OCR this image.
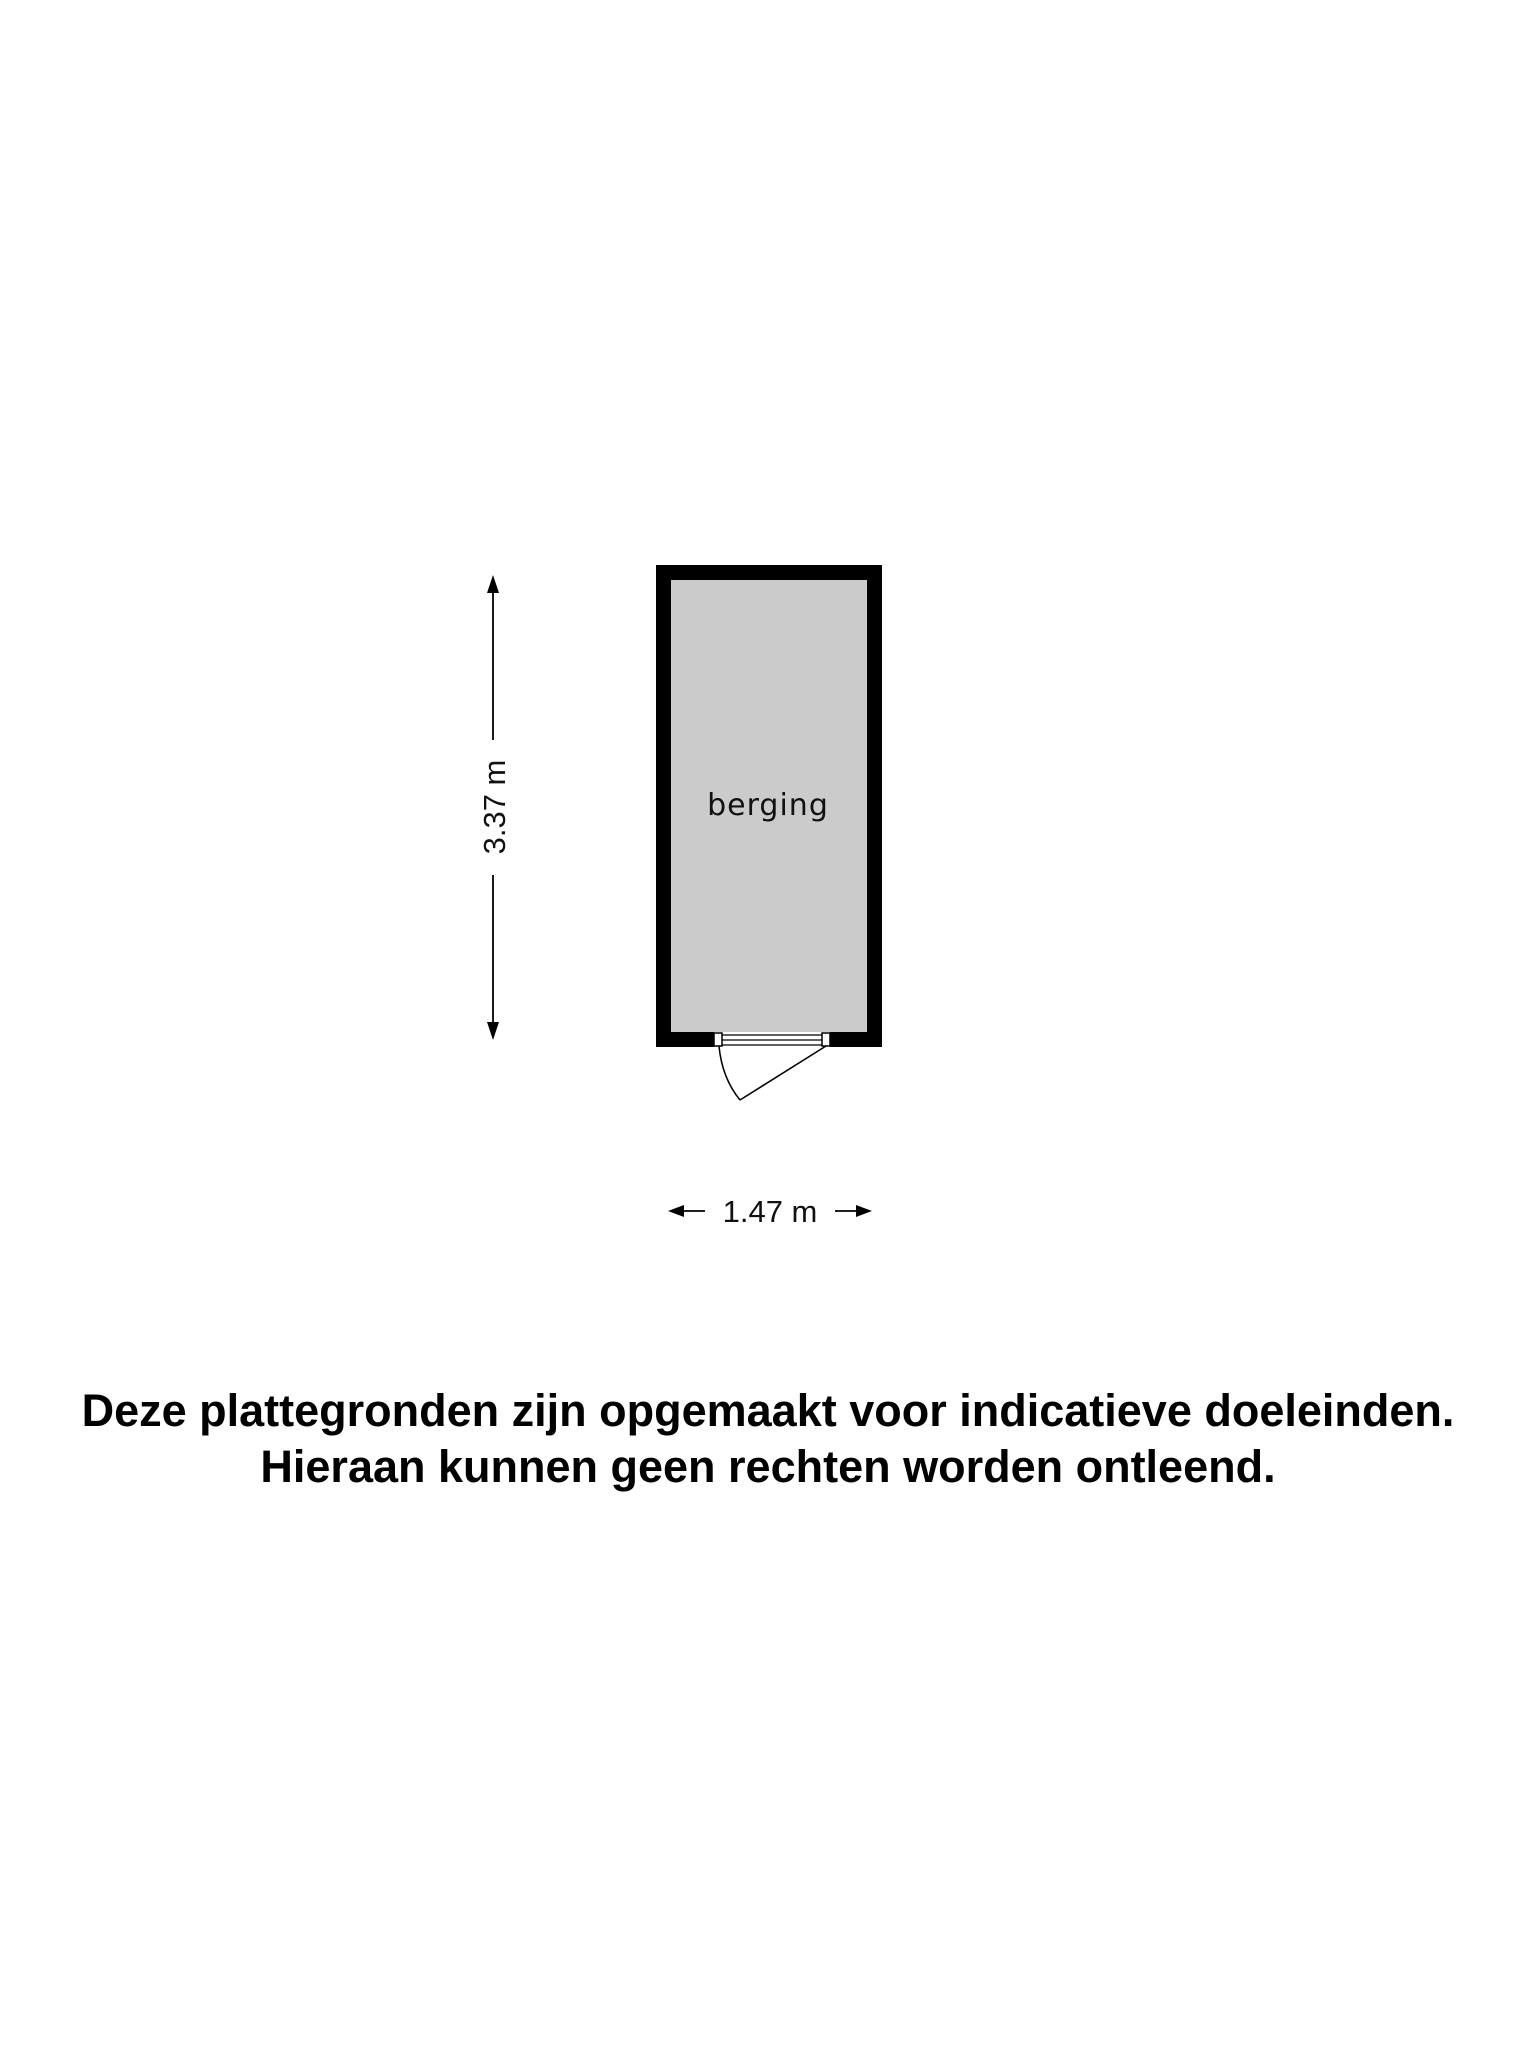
3.37 m
1.47 m
berging
Deze plattegronden zijn opgemaakt voor indicatieve doeleinden.
Hieraan kunnen geen rechten worden ontleend.
